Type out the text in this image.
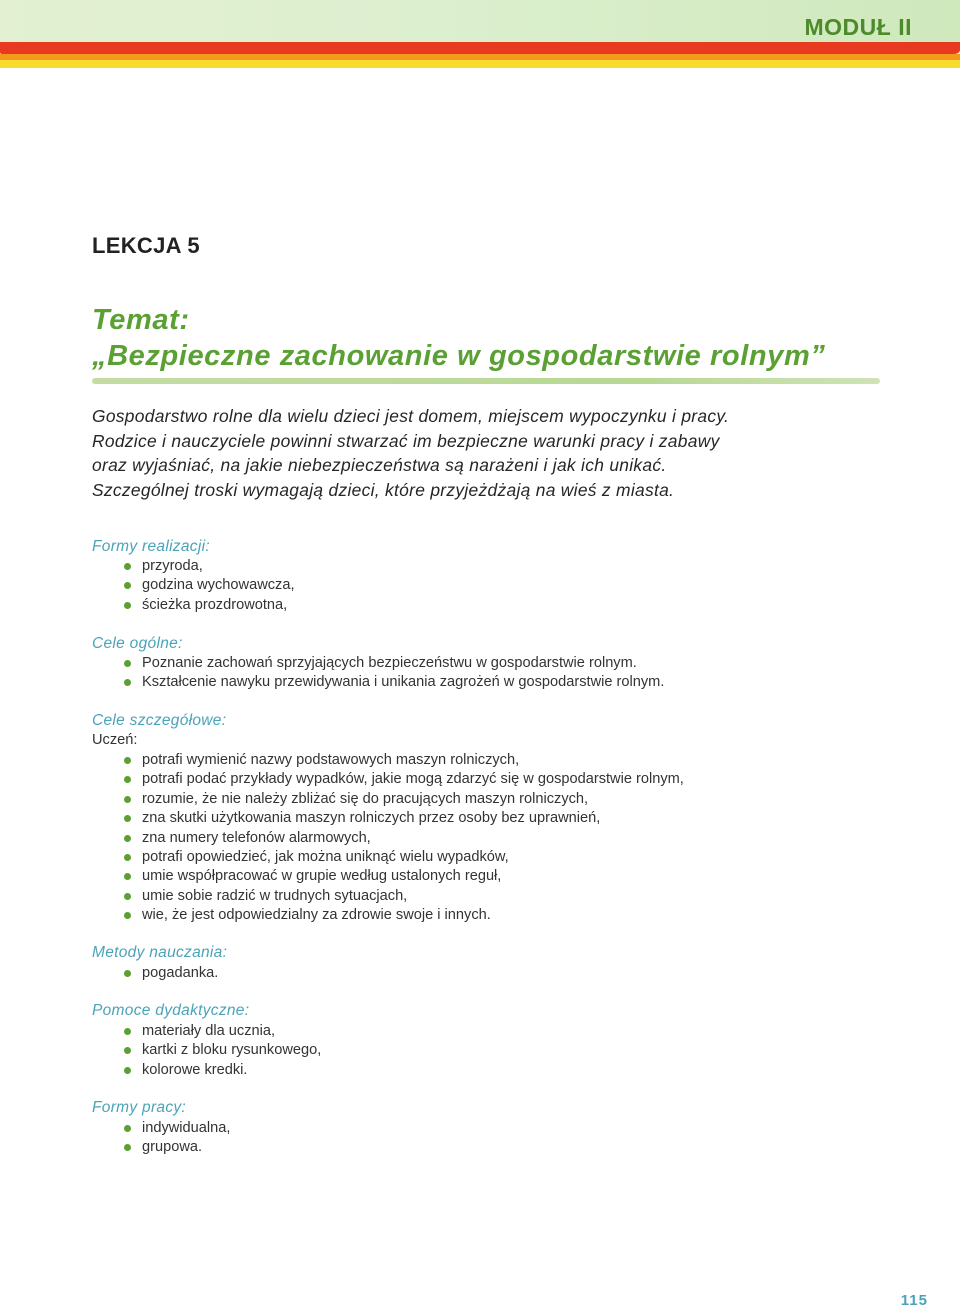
MODUŁ II
LEKCJA 5
Temat:
„Bezpieczne zachowanie w gospodarstwie rolnym”
Gospodarstwo rolne dla wielu dzieci jest domem, miejscem wypoczynku i pracy.
Rodzice i nauczyciele powinni stwarzać im bezpieczne warunki pracy i zabawy
oraz wyjaśniać, na jakie niebezpieczeństwa są narażeni i jak ich unikać.
Szczególnej troski wymagają dzieci, które przyjeżdżają na wieś z miasta.
Formy realizacji:
przyroda,
godzina wychowawcza,
ścieżka prozdrowotna,
Cele ogólne:
Poznanie zachowań sprzyjających bezpieczeństwu w gospodarstwie rolnym.
Kształcenie nawyku przewidywania i unikania zagrożeń w gospodarstwie rolnym.
Cele szczegółowe:
Uczeń:
potrafi wymienić nazwy podstawowych maszyn rolniczych,
potrafi podać przykłady wypadków, jakie mogą zdarzyć się w gospodarstwie rolnym,
rozumie, że nie należy zbliżać się do pracujących maszyn rolniczych,
zna skutki użytkowania maszyn rolniczych przez osoby bez uprawnień,
zna numery telefonów alarmowych,
potrafi opowiedzieć, jak można uniknąć wielu wypadków,
umie współpracować w grupie według ustalonych reguł,
umie sobie radzić w trudnych sytuacjach,
wie, że jest odpowiedzialny za zdrowie swoje i innych.
Metody nauczania:
pogadanka.
Pomoce dydaktyczne:
materiały dla ucznia,
kartki z bloku rysunkowego,
kolorowe kredki.
Formy pracy:
indywidualna,
grupowa.
115
